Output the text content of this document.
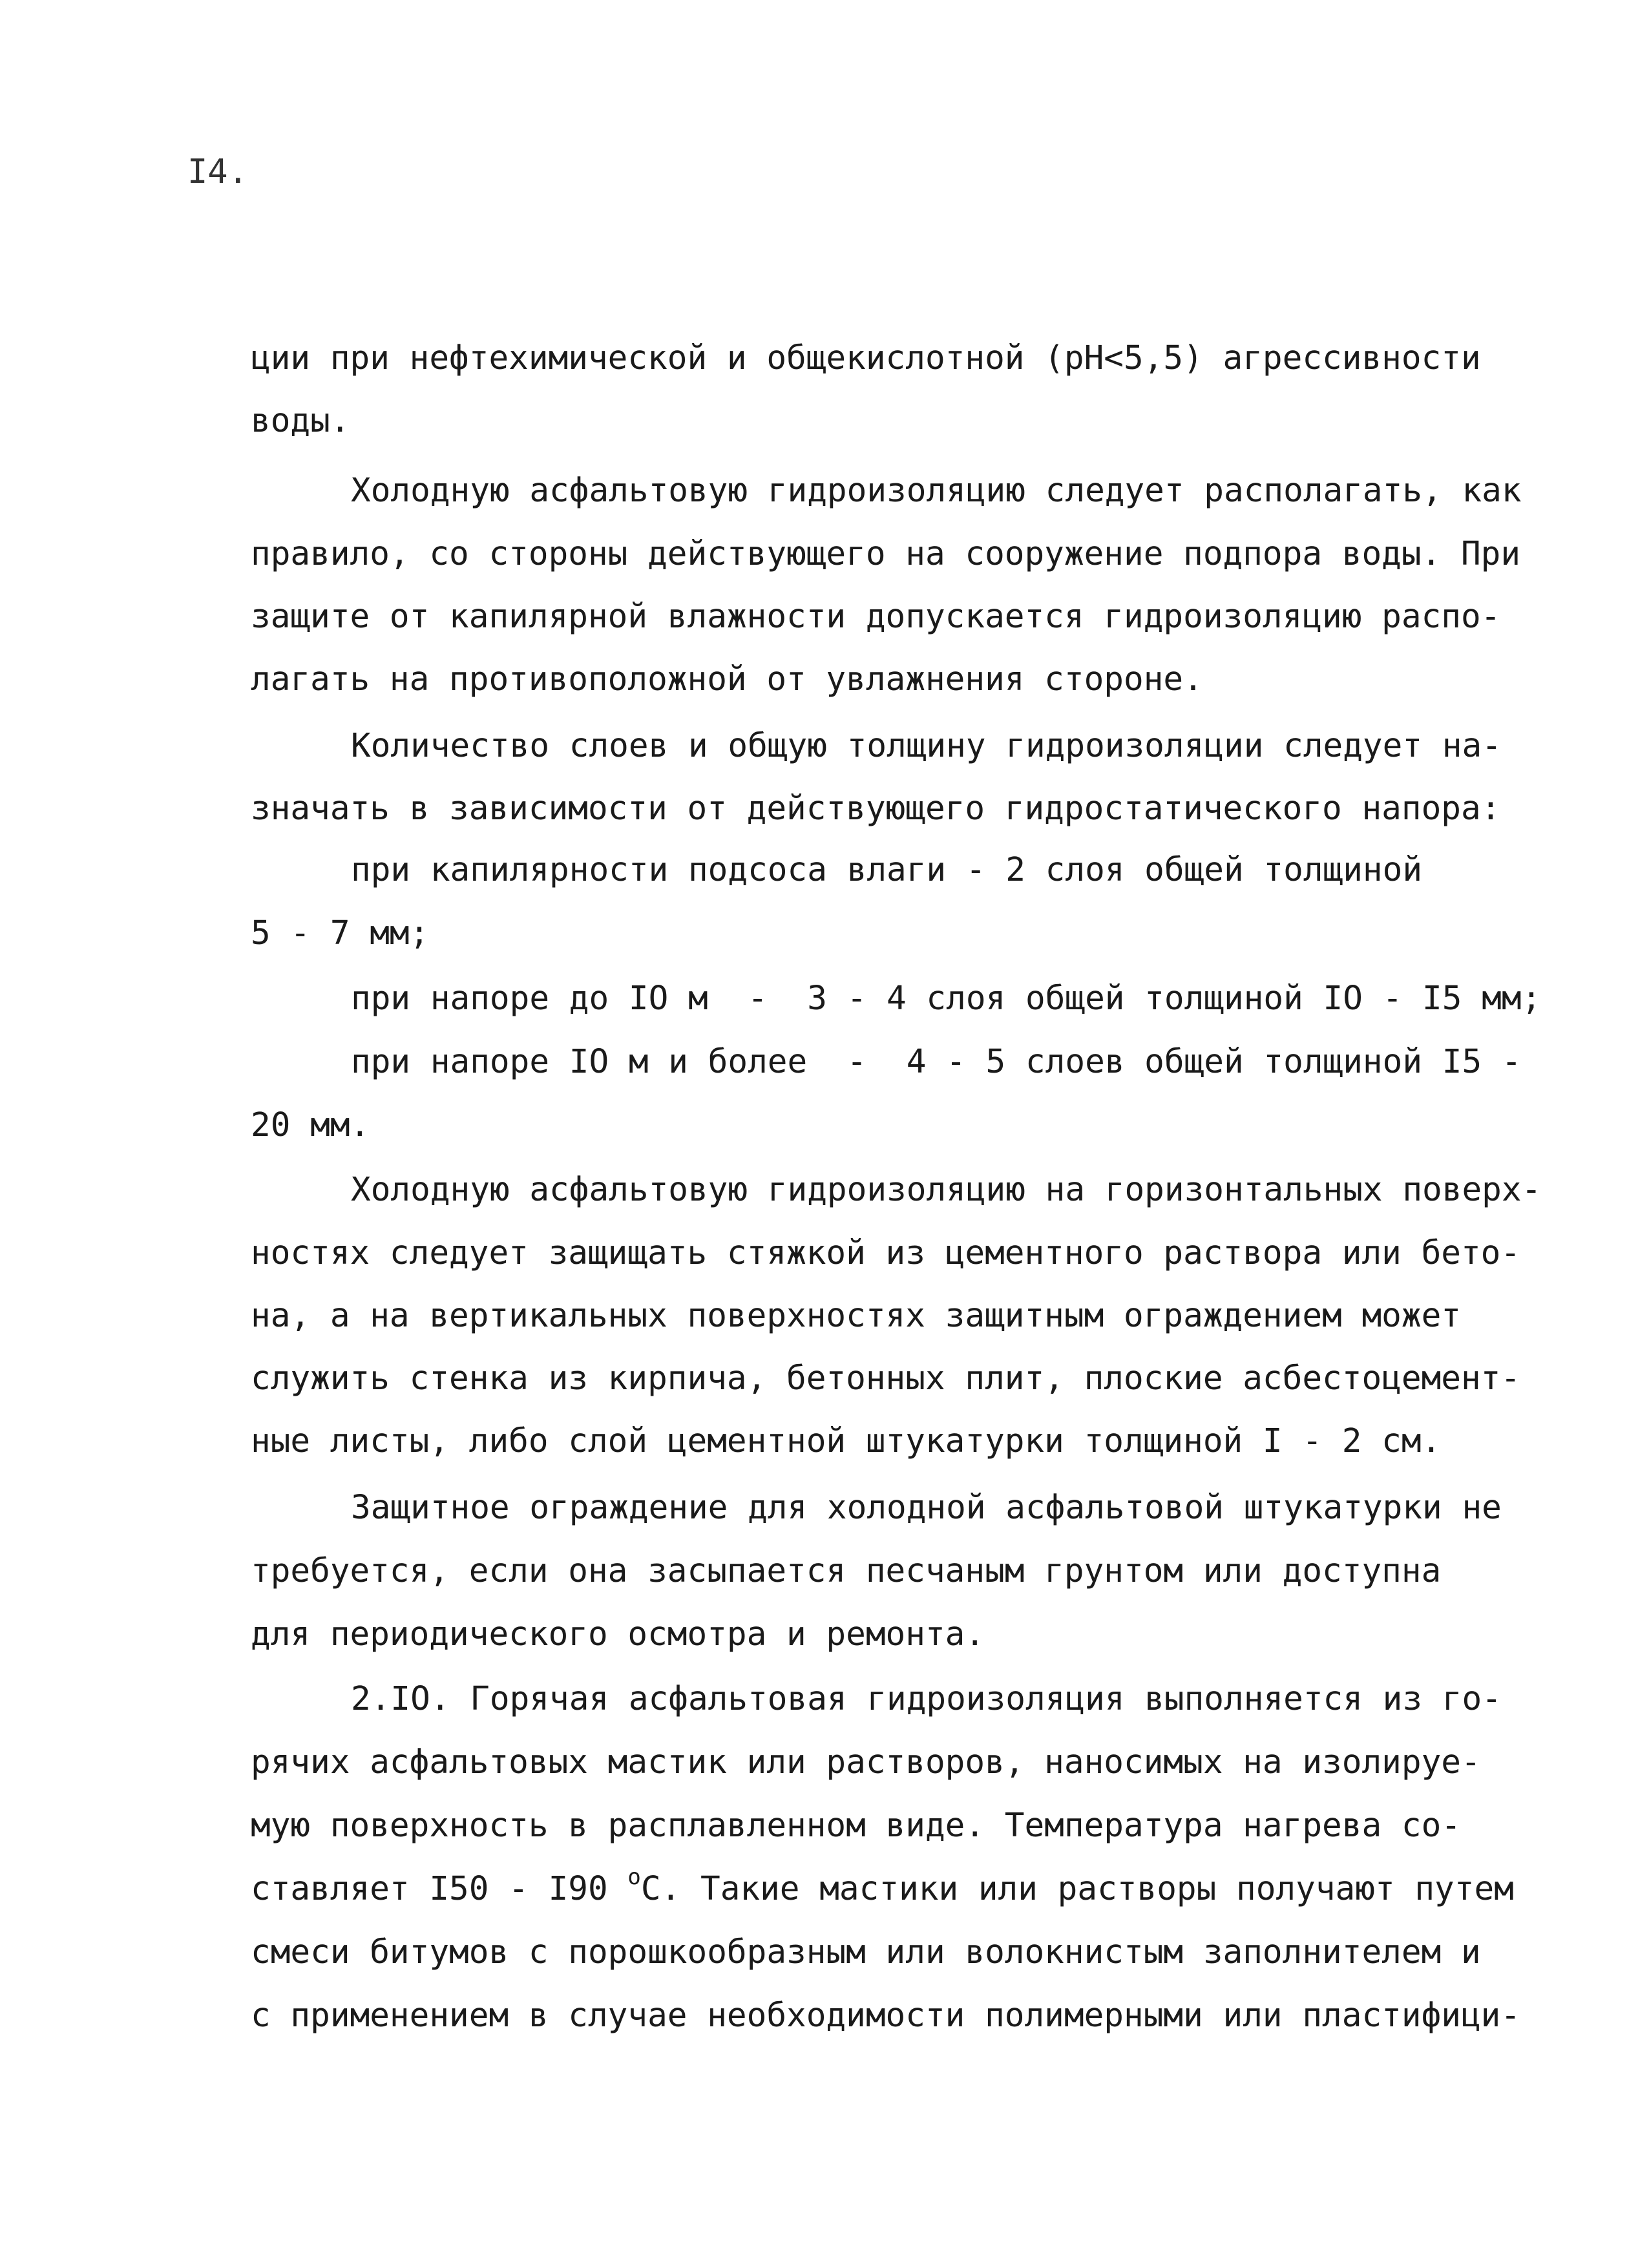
I4.
ции при нефтехимической и общекислотной (pH<5,5) агрессивности
воды.
Холодную асфальтовую гидроизоляцию следует располагать, как
правило, со стороны действующего на сооружение подпора воды. При
защите от капилярной влажности допускается гидроизоляцию распо-
лагать на противоположной от увлажнения стороне.
Количество слоев и общую толщину гидроизоляции следует на-
значать в зависимости от действующего гидростатического напора:
при капилярности подсоса влаги - 2 слоя общей толщиной
5 - 7 мм;
при напоре до IO м  -  3 - 4 слоя общей толщиной IO - I5 мм;
при напоре IO м и более  -  4 - 5 слоев общей толщиной I5 -
20 мм.
Холодную асфальтовую гидроизоляцию на горизонтальных поверх-
ностях следует защищать стяжкой из цементного раствора или бето-
на, а на вертикальных поверхностях защитным ограждением может
служить стенка из кирпича, бетонных плит, плоские асбестоцемент-
ные листы, либо слой цементной штукатурки толщиной I - 2 см.
Защитное ограждение для холодной асфальтовой штукатурки не
требуется, если она засыпается песчаным грунтом или доступна
для периодического осмотра и ремонта.
2.IO. Горячая асфальтовая гидроизоляция выполняется из го-
рячих асфальтовых мастик или растворов, наносимых на изолируе-
мую поверхность в расплавленном виде. Температура нагрева со-
ставляет I50 - I90 $^о$С. Такие мастики или растворы получают путем
смеси битумов с порошкообразным или волокнистым заполнителем и
с применением в случае необходимости полимерными или пластифици-
